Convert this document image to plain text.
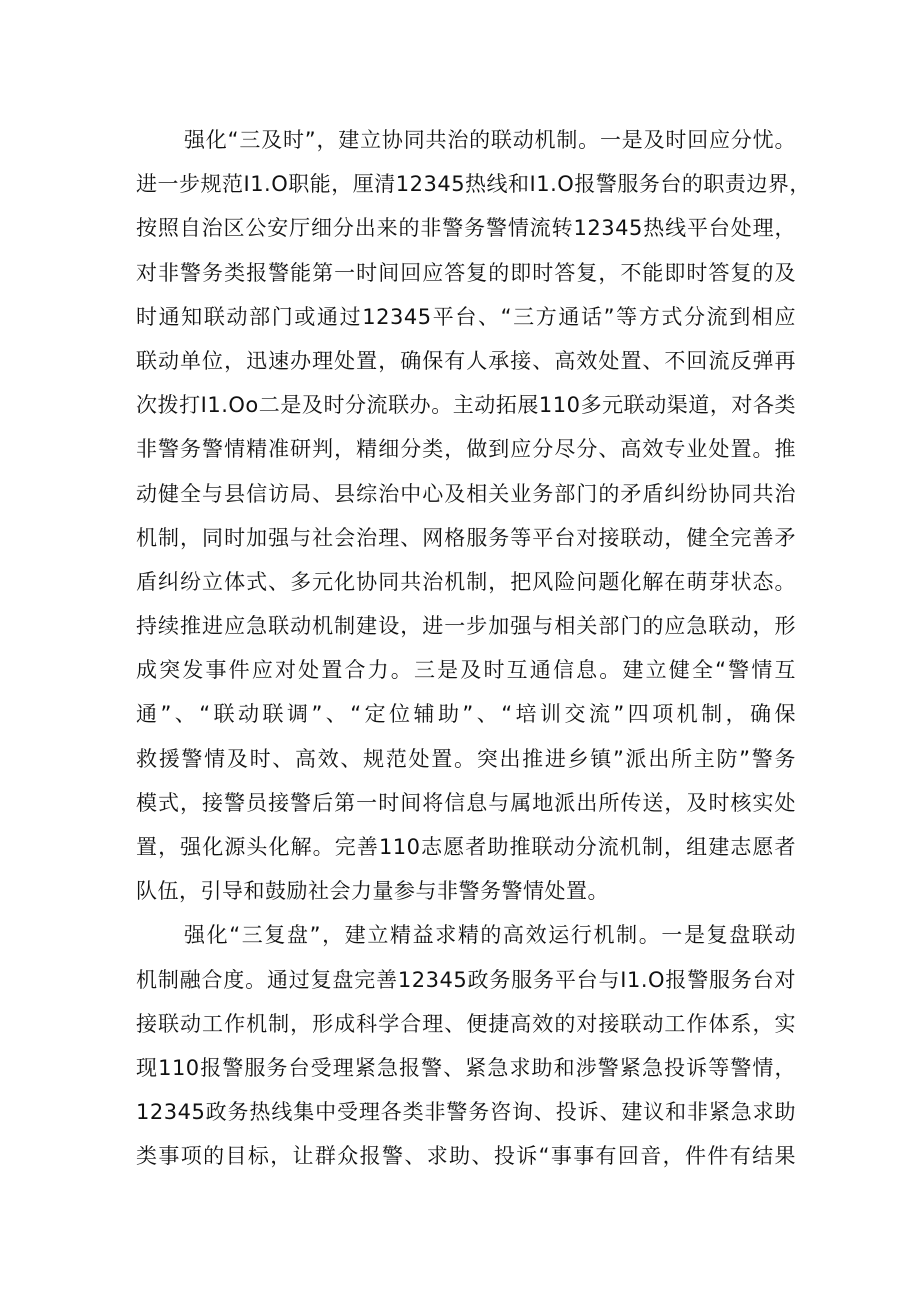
强化“三及时”，建立协同共治的联动机制。一是及时回应分忧。
进一步规范I1.O职能，厘清12345热线和I1.O报警服务台的职责边界，
按照自治区公安厅细分出来的非警务警情流转12345热线平台处理，
对非警务类报警能第一时间回应答复的即时答复，不能即时答复的及
时通知联动部门或通过12345平台、“三方通话”等方式分流到相应
联动单位，迅速办理处置，确保有人承接、高效处置、不回流反弹再
次拨打I1.Oo二是及时分流联办。主动拓展110多元联动渠道，对各类
非警务警情精准研判，精细分类，做到应分尽分、高效专业处置。推
动健全与县信访局、县综治中心及相关业务部门的矛盾纠纷协同共治
机制，同时加强与社会治理、网格服务等平台对接联动，健全完善矛
盾纠纷立体式、多元化协同共治机制，把风险问题化解在萌芽状态。
持续推进应急联动机制建设，进一步加强与相关部门的应急联动，形
成突发事件应对处置合力。三是及时互通信息。建立健全“警情互
通”、“联动联调”、“定位辅助”、“培训交流”四项机制，确保
救援警情及时、高效、规范处置。突出推进乡镇”派出所主防”警务
模式，接警员接警后第一时间将信息与属地派出所传送，及时核实处
置，强化源头化解。完善110志愿者助推联动分流机制，组建志愿者
队伍，引导和鼓励社会力量参与非警务警情处置。
强化“三复盘”，建立精益求精的高效运行机制。一是复盘联动
机制融合度。通过复盘完善12345政务服务平台与I1.O报警服务台对
接联动工作机制，形成科学合理、便捷高效的对接联动工作体系，实
现110报警服务台受理紧急报警、紧急求助和涉警紧急投诉等警情，
12345政务热线集中受理各类非警务咨询、投诉、建议和非紧急求助
类事项的目标，让群众报警、求助、投诉“事事有回音，件件有结果
